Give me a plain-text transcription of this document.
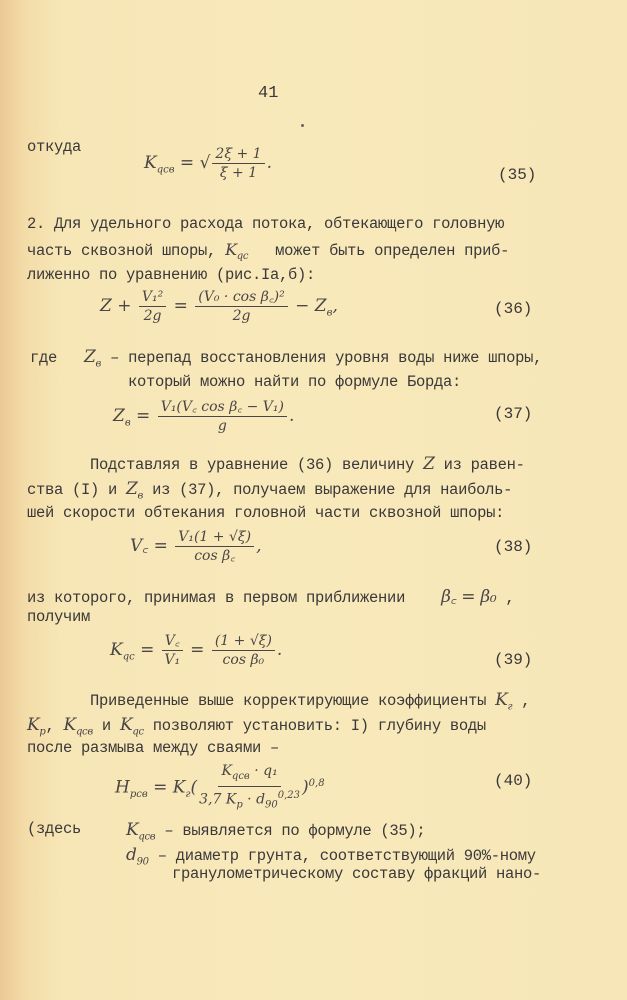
41
откуда
$K_{qсв}$ = √ $\frac{2\xi + 1}{\xi + 1}$ .
(35)
2. Для удельного расхода потока, обтекающего головную
часть сквозной шпоры, $K_{qc}$ может быть определен приб-
лиженно по уравнению (рис.Iа,б):
$Z + \frac{\text{V₁²}}{2g} = \frac{\text{(V₀ · cos β꜀)²}}{2g} - Z_в$,	(36)
где $Z_в$ – перепад восстановления уровня воды ниже шпоры,
который можно найти по формуле Борда:
$Z_в = \frac{\text{V₁(V꜀ cos β꜀ − V₁)}}{g}$ .	(37)
Подставляя в уравнение (36) величину Z из равен-
ства (I) и $Z_в$ из (37), получаем выражение для наиболь-
шей скорости обтекания головной части сквозной шпоры:
V꜀ = $\frac{\text{V₁(1 + √ξ)}}{\text{cos β꜀}}$ ,	(38)
из которого, принимая в первом приближении β꜀ = β₀ ,
получим
$K_{qc} = \frac{V꜀}{\text{V₁}} = \frac{(1 + √\xi)}{\text{cos β₀}}$ .	(39)
Приведенные выше корректирующие коэффициенты $K_г$ ,
$K_p$, $K_{qсв}$ и $K_{qc}$ позволяют установить: I) глубину воды
после размыва между сваями –
$H_{pсв} = K_г( \frac{K_{qсв} \cdot q_1}{3,7 K_p \cdot d_{90}^{0,23}} )^{0,8}$	(40)
(здесь	$K_{qсв}$ – выявляется по формуле (35);
$d_{90}$ – диаметр грунта, соответствующий 90%-ному
гранулометрическому составу фракций нано-
